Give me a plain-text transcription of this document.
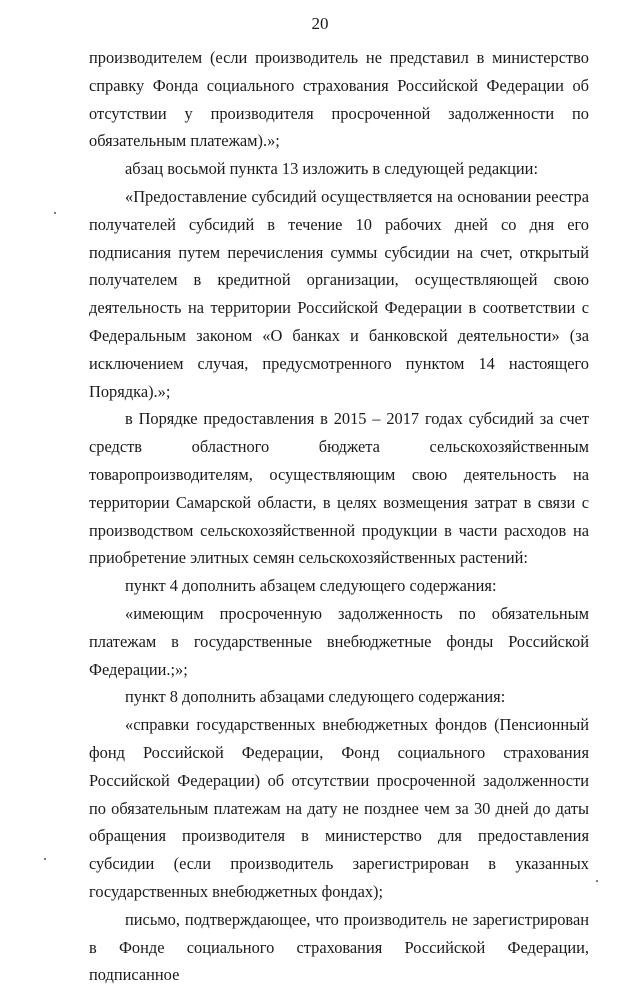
20

производителем (если производитель не представил в министерство справку Фонда социального страхования Российской Федерации об отсутствии у производителя просроченной задолженности по обязательным платежам).»;

абзац восьмой пункта 13 изложить в следующей редакции:

«Предоставление субсидий осуществляется на основании реестра получателей субсидий в течение 10 рабочих дней со дня его подписания путем перечисления суммы субсидии на счет, открытый получателем в кредитной организации, осуществляющей свою деятельность на территории Российской Федерации в соответствии с Федеральным законом «О банках и банковской деятельности» (за исключением случая, предусмотренного пунктом 14 настоящего Порядка).»;

в Порядке предоставления в 2015 – 2017 годах субсидий за счет средств областного бюджета сельскохозяйственным товаропроизводителям, осуществляющим свою деятельность на территории Самарской области, в целях возмещения затрат в связи с производством сельскохозяйственной продукции в части расходов на приобретение элитных семян сельскохозяйственных растений:

пункт 4 дополнить абзацем следующего содержания:

«имеющим просроченную задолженность по обязательным платежам в государственные внебюджетные фонды Российской Федерации.;»;

пункт 8 дополнить абзацами следующего содержания:

«справки государственных внебюджетных фондов (Пенсионный фонд Российской Федерации, Фонд социального страхования Российской Федерации) об отсутствии просроченной задолженности по обязательным платежам на дату не позднее чем за 30 дней до даты обращения производителя в министерство для предоставления субсидии (если производитель зарегистрирован в указанных государственных внебюджетных фондах);

письмо, подтверждающее, что производитель не зарегистрирован в Фонде социального страхования Российской Федерации, подписанное
